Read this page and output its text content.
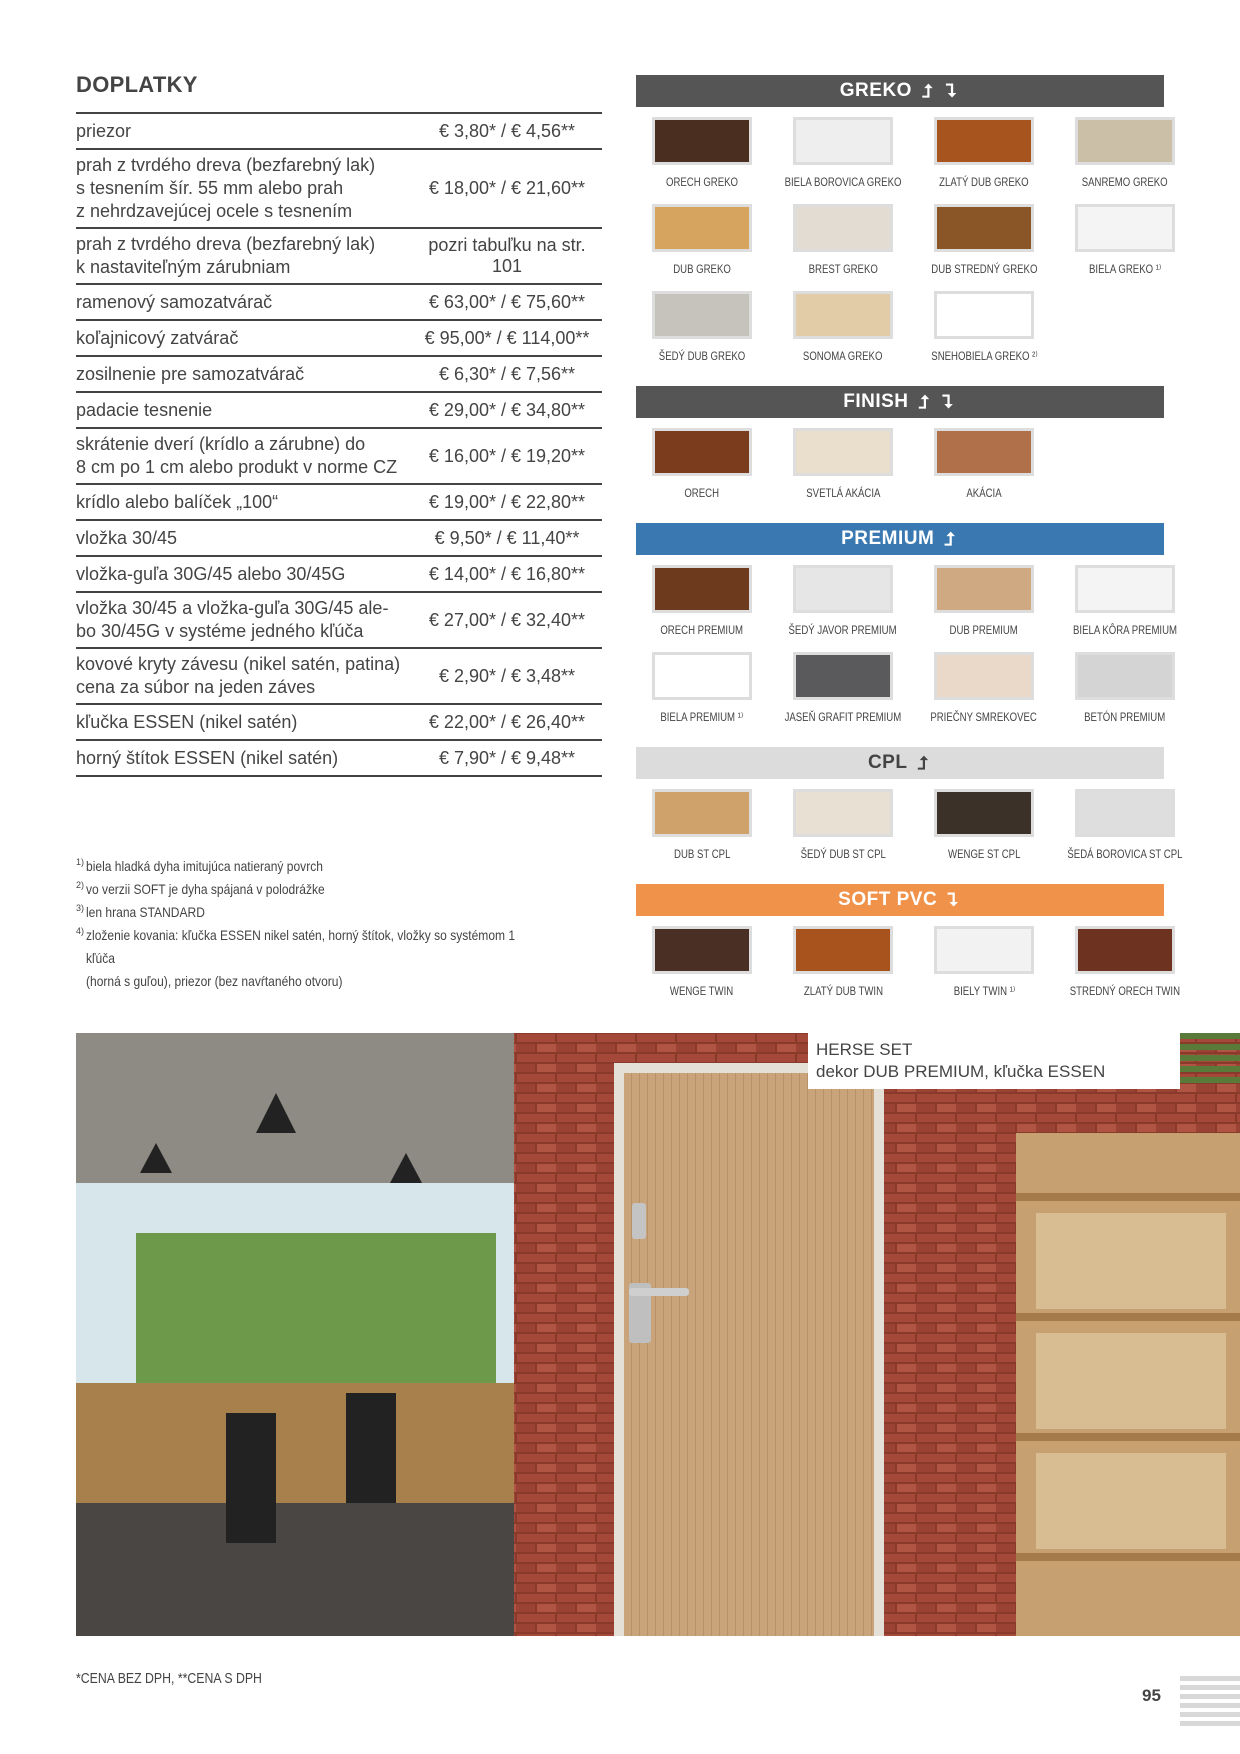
DOPLATKY
priezor	€ 3,80* / € 4,56**
prah z tvrdého dreva (bezfarebný lak)
s tesnením šír. 55 mm alebo prah
z nehrdzavejúcej ocele s tesnením
€ 18,00* / € 21,60**
prah z tvrdého dreva (bezfarebný lak)
k nastaviteľným zárubniam
pozri tabuľku na str. 101
ramenový samozatvárač	€ 63,00* / € 75,60**
koľajnicový zatvárač	€ 95,00* / € 114,00**
zosilnenie pre samozatvárač	€ 6,30* / € 7,56**
padacie tesnenie	€ 29,00* / € 34,80**
skrátenie dverí (krídlo a zárubne) do
8 cm po 1 cm alebo produkt v norme CZ
€ 16,00* / € 19,20**
krídlo alebo balíček „100“	€ 19,00* / € 22,80**
vložka 30/45	€ 9,50* / € 11,40**
vložka-guľa 30G/45 alebo 30/45G	€ 14,00* / € 16,80**
vložka 30/45 a vložka-guľa 30G/45 ale-
bo 30/45G v systéme jedného kľúča
€ 27,00* / € 32,40**
kovové kryty závesu (nikel satén, patina)
cena za súbor na jeden záves
€ 2,90* / € 3,48**
kľučka ESSEN (nikel satén)	€ 22,00* / € 26,40**
horný štítok ESSEN (nikel satén)	€ 7,90* / € 9,48**
1) biela hladká dyha imitujúca natieraný povrch
2) vo verzii SOFT je dyha spájaná v polodrážke
3) len hrana STANDARD
4) zloženie kovania: kľučka ESSEN nikel satén, horný štítok, vložky so systémom 1 kľúča
(horná s guľou), priezor (bez navŕtaného otvoru)
GREKO ⮥ ⮧
ORECH GREKO	BIELA BOROVICA GREKO	ZLATÝ DUB GREKO	SANREMO GREKO
DUB GREKO	BREST GREKO	DUB STREDNÝ GREKO	BIELA GREKO ¹⁾
ŠEDÝ DUB GREKO	SONOMA GREKO	SNEHOBIELA GREKO ²⁾
FINISH ⮥ ⮧
ORECH	SVETLÁ AKÁCIA	AKÁCIA
PREMIUM ⮥
ORECH PREMIUM	ŠEDÝ JAVOR PREMIUM	DUB PREMIUM	BIELA KÔRA PREMIUM
BIELA PREMIUM ¹⁾	JASEŇ GRAFIT PREMIUM PRIEČNY SMREKOVEC	BETÓN PREMIUM
CPL ⮥
DUB ST CPL	ŠEDÝ DUB ST CPL	WENGE ST CPL	ŠEDÁ BOROVICA ST CPL
SOFT PVC ⮧
WENGE TWIN	ZLATÝ DUB TWIN	BIELY TWIN ¹⁾	STREDNÝ ORECH TWIN
HERSE SET
dekor DUB PREMIUM, kľučka ESSEN
*CENA BEZ DPH, **CENA S DPH
95
